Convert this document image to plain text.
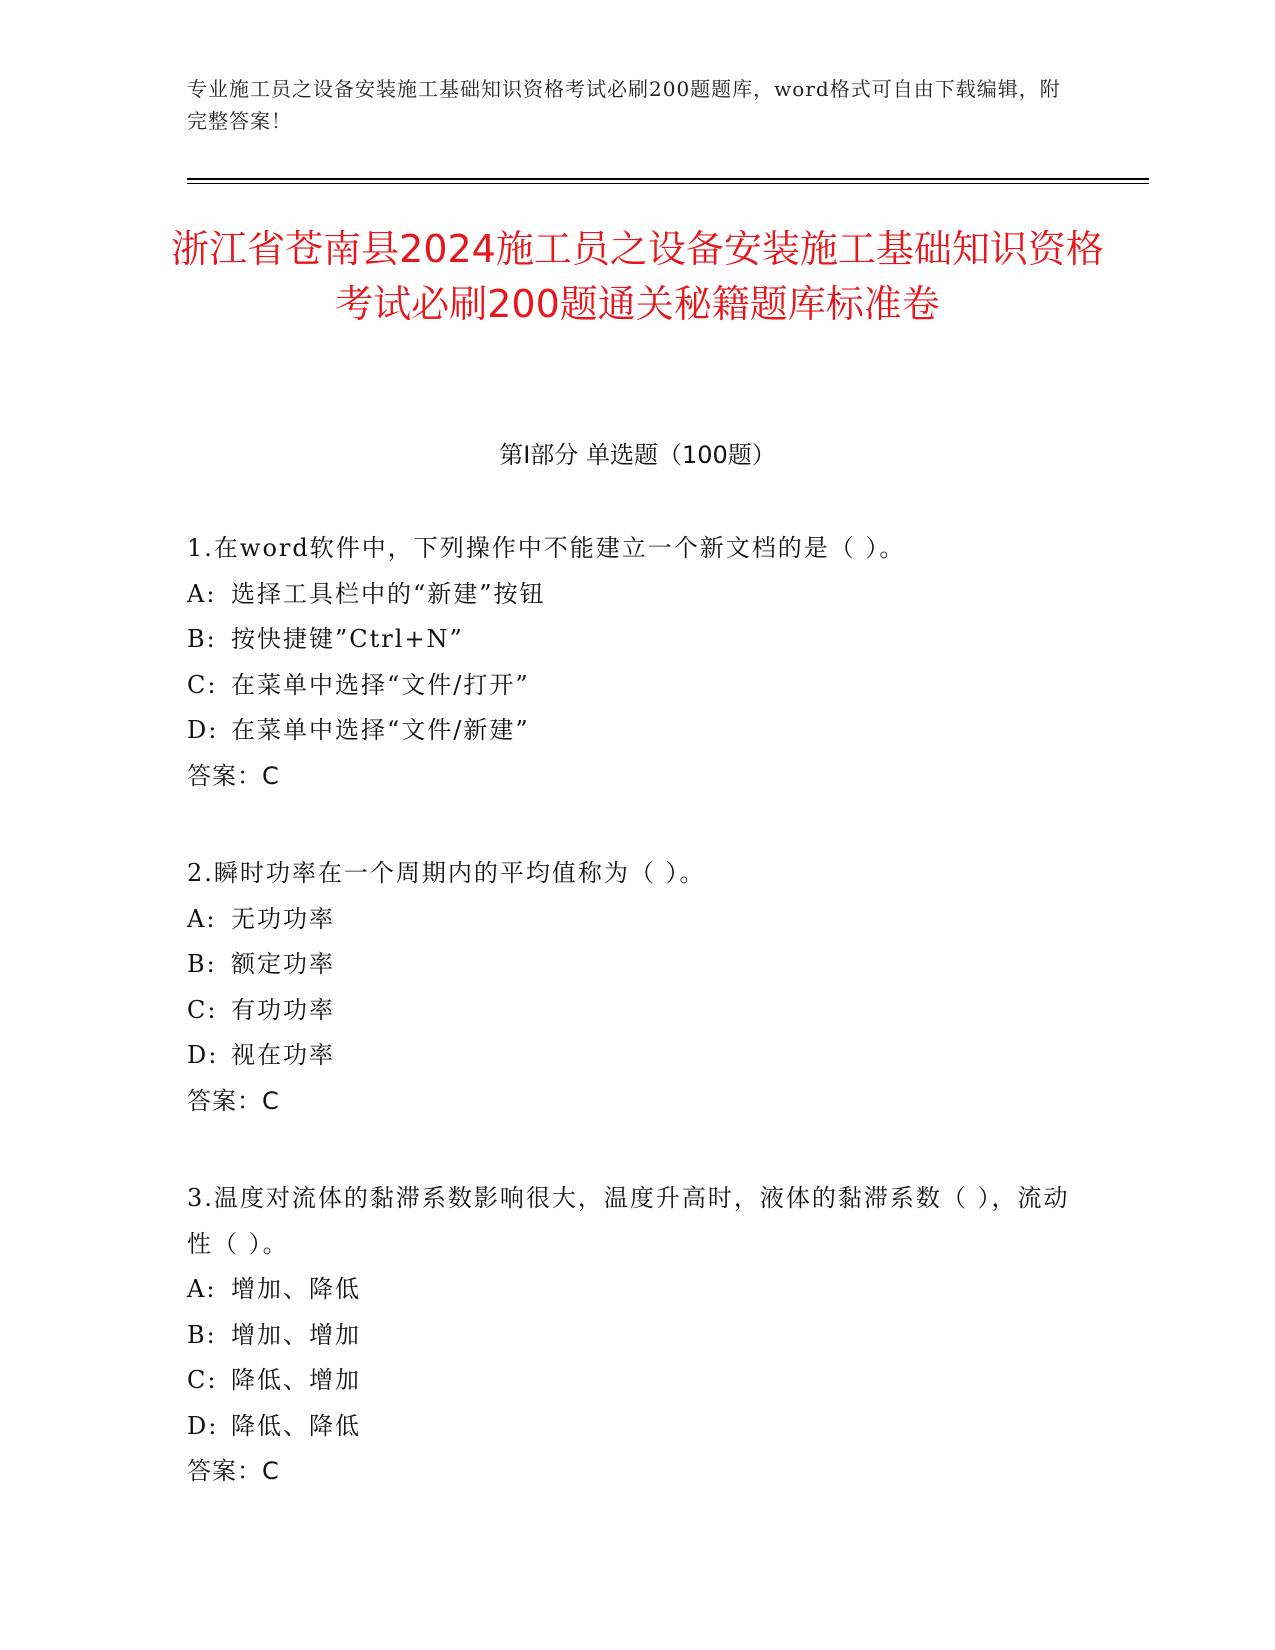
专业施工员之设备安装施工基础知识资格考试必刷200题题库，word格式可自由下载编辑，附完整答案！
浙江省苍南县2024施工员之设备安装施工基础知识资格考试必刷200题通关秘籍题库标准卷
第Ⅰ部分 单选题（100题）
1.在word软件中，下列操作中不能建立一个新文档的是（ ）。
A: 选择工具栏中的“新建”按钮
B: 按快捷键”Ctrl+N”
C: 在菜单中选择“文件/打开”
D: 在菜单中选择“文件/新建”
答案：C
2.瞬时功率在一个周期内的平均值称为（ ）。
A: 无功功率
B: 额定功率
C: 有功功率
D: 视在功率
答案：C
3.温度对流体的黏滞系数影响很大，温度升高时，液体的黏滞系数（ ），流动性（ ）。
A: 增加、降低
B: 增加、增加
C: 降低、增加
D: 降低、降低
答案：C
